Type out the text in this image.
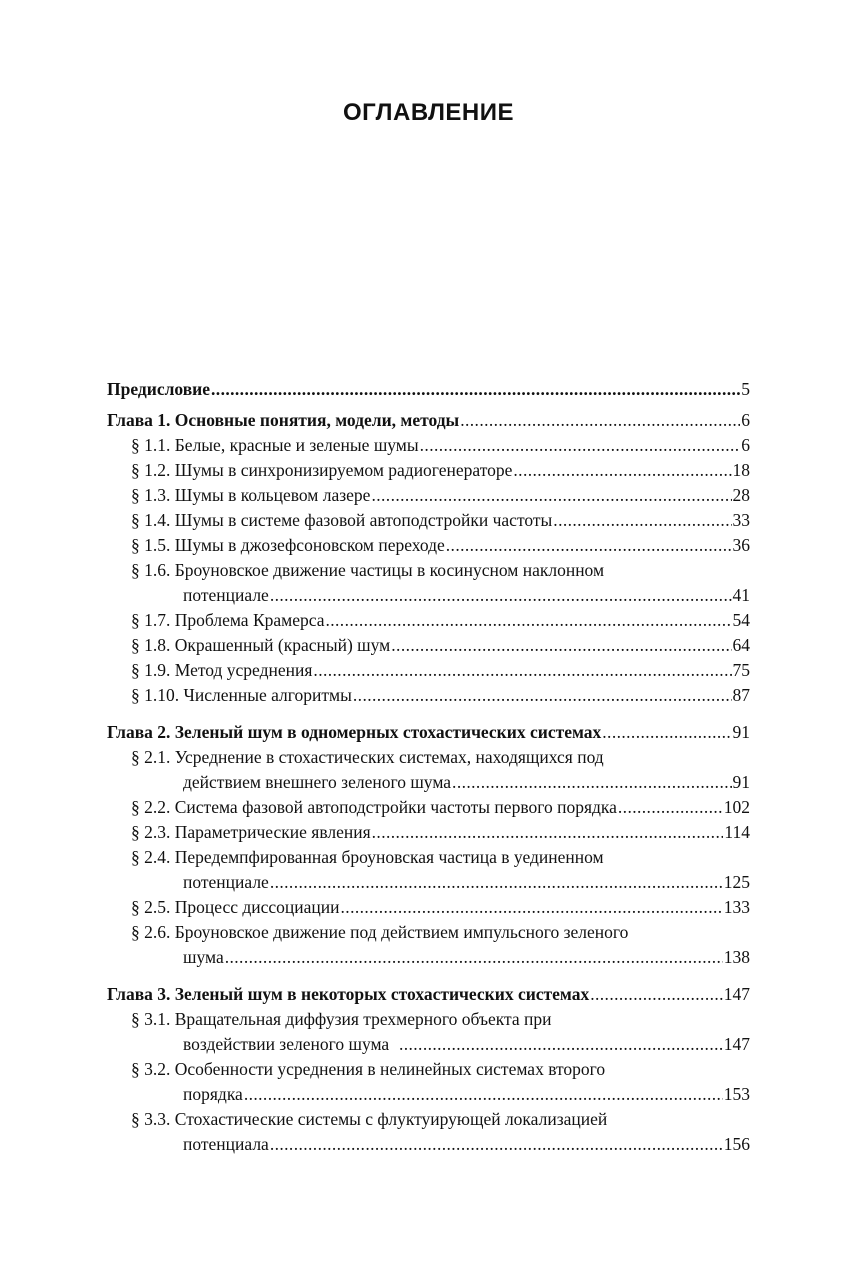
ОГЛАВЛЕНИЕ
Предисловие .....	5
Глава 1. Основные понятия, модели, методы .....	6
§ 1.1. Белые, красные и зеленые шумы .....	6
§ 1.2. Шумы в синхронизируемом радиогенераторе .....	18
§ 1.3. Шумы в кольцевом лазере .....	28
§ 1.4. Шумы в системе фазовой автоподстройки частоты .....	33
§ 1.5. Шумы в джозефсоновском переходе .....	36
§ 1.6. Броуновское движение частицы в косинусном наклонном
потенциале .....	41
§ 1.7. Проблема Крамерса .....	54
§ 1.8. Окрашенный (красный) шум .....	64
§ 1.9. Метод усреднения .....	75
§ 1.10. Численные алгоритмы .....	87
Глава 2. Зеленый шум в одномерных стохастических системах .....	91
§ 2.1. Усреднение в стохастических системах, находящихся под
действием внешнего зеленого шума .....	91
§ 2.2. Система фазовой автоподстройки частоты первого порядка .....	102
§ 2.3. Параметрические явления .....	114
§ 2.4. Передемпфированная броуновская частица в уединенном
потенциале .....	125
§ 2.5. Процесс диссоциации .....	133
§ 2.6. Броуновское движение под действием импульсного зеленого
шума .....	138
Глава 3. Зеленый шум в некоторых стохастических системах .....	147
§ 3.1. Вращательная диффузия трехмерного объекта при
воздействии зеленого шума .....	147
§ 3.2. Особенности усреднения в нелинейных системах второго
порядка .....	153
§ 3.3. Стохастические системы с флуктуирующей локализацией
потенциала .....	156
